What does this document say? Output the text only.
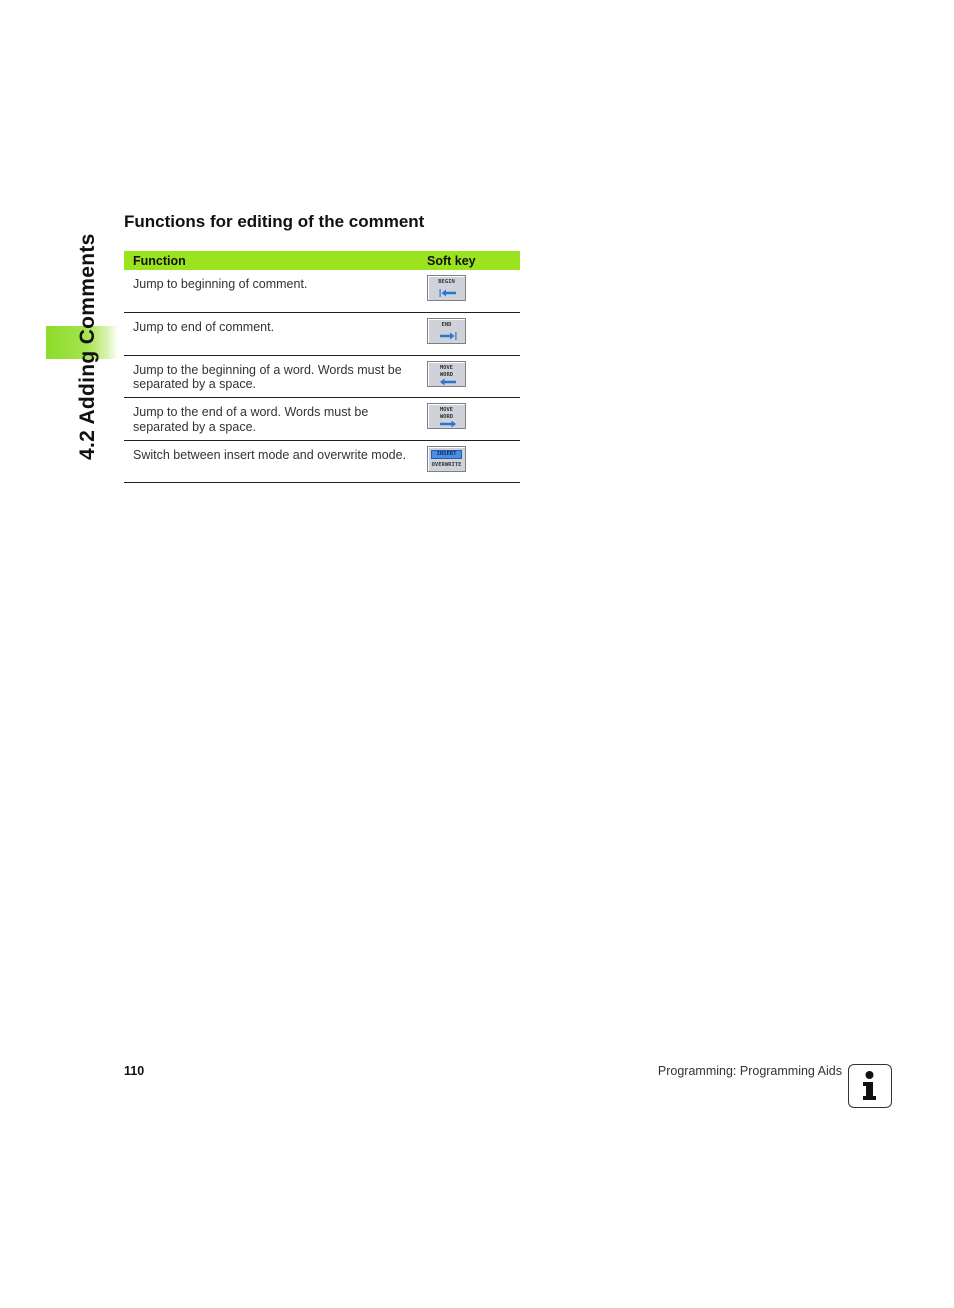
4.2 Adding Comments
Functions for editing of the comment
Function	Soft key
Jump to beginning of comment.	BEGIN

Jump to end of comment.	END

Jump to the beginning of a word. Words must be separated by a space.	MOVE
WORD

Jump to the end of a word. Words must be separated by a space.	MOVE
WORD

Switch between insert mode and overwrite mode.	INSERT
OVERWRITE
110	Programming: Programming Aids
